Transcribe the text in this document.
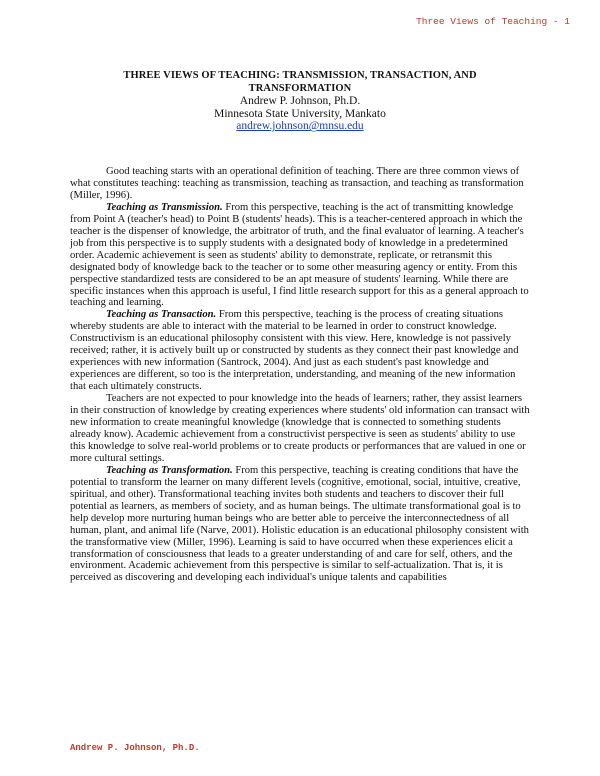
Three Views of Teaching - 1
THREE VIEWS OF TEACHING: TRANSMISSION, TRANSACTION, AND
TRANSFORMATION
Andrew P. Johnson, Ph.D.
Minnesota State University, Mankato
andrew.johnson@mnsu.edu

Good teaching starts with an operational definition of teaching. There are three common views of what constitutes teaching: teaching as transmission, teaching as transaction, and teaching as transformation (Miller, 1996).

Teaching as Transmission. From this perspective, teaching is the act of transmitting knowledge from Point A (teacher's head) to Point B (students' heads). This is a teacher-centered approach in which the teacher is the dispenser of knowledge, the arbitrator of truth, and the final evaluator of learning. A teacher's job from this perspective is to supply students with a designated body of knowledge in a predetermined order. Academic achievement is seen as students' ability to demonstrate, replicate, or retransmit this designated body of knowledge back to the teacher or to some other measuring agency or entity. From this perspective standardized tests are considered to be an apt measure of students' learning. While there are specific instances when this approach is useful, I find little research support for this as a general approach to teaching and learning.

Teaching as Transaction. From this perspective, teaching is the process of creating situations whereby students are able to interact with the material to be learned in order to construct knowledge. Constructivism is an educational philosophy consistent with this view. Here, knowledge is not passively received; rather, it is actively built up or constructed by students as they connect their past knowledge and experiences with new information (Santrock, 2004). And just as each student's past knowledge and experiences are different, so too is the interpretation, understanding, and meaning of the new information that each ultimately constructs.

Teachers are not expected to pour knowledge into the heads of learners; rather, they assist learners in their construction of knowledge by creating experiences where students' old information can transact with new information to create meaningful knowledge (knowledge that is connected to something students already know). Academic achievement from a constructivist perspective is seen as students' ability to use this knowledge to solve real-world problems or to create products or performances that are valued in one or more cultural settings.

Teaching as Transformation. From this perspective, teaching is creating conditions that have the potential to transform the learner on many different levels (cognitive, emotional, social, intuitive, creative, spiritual, and other). Transformational teaching invites both students and teachers to discover their full potential as learners, as members of society, and as human beings. The ultimate transformational goal is to help develop more nurturing human beings who are better able to perceive the interconnectedness of all human, plant, and animal life (Narve, 2001). Holistic education is an educational philosophy consistent with the transformative view (Miller, 1996). Learning is said to have occurred when these experiences elicit a transformation of consciousness that leads to a greater understanding of and care for self, others, and the environment. Academic achievement from this perspective is similar to self-actualization. That is, it is perceived as discovering and developing each individual's unique talents and capabilities

Andrew P. Johnson, Ph.D.
